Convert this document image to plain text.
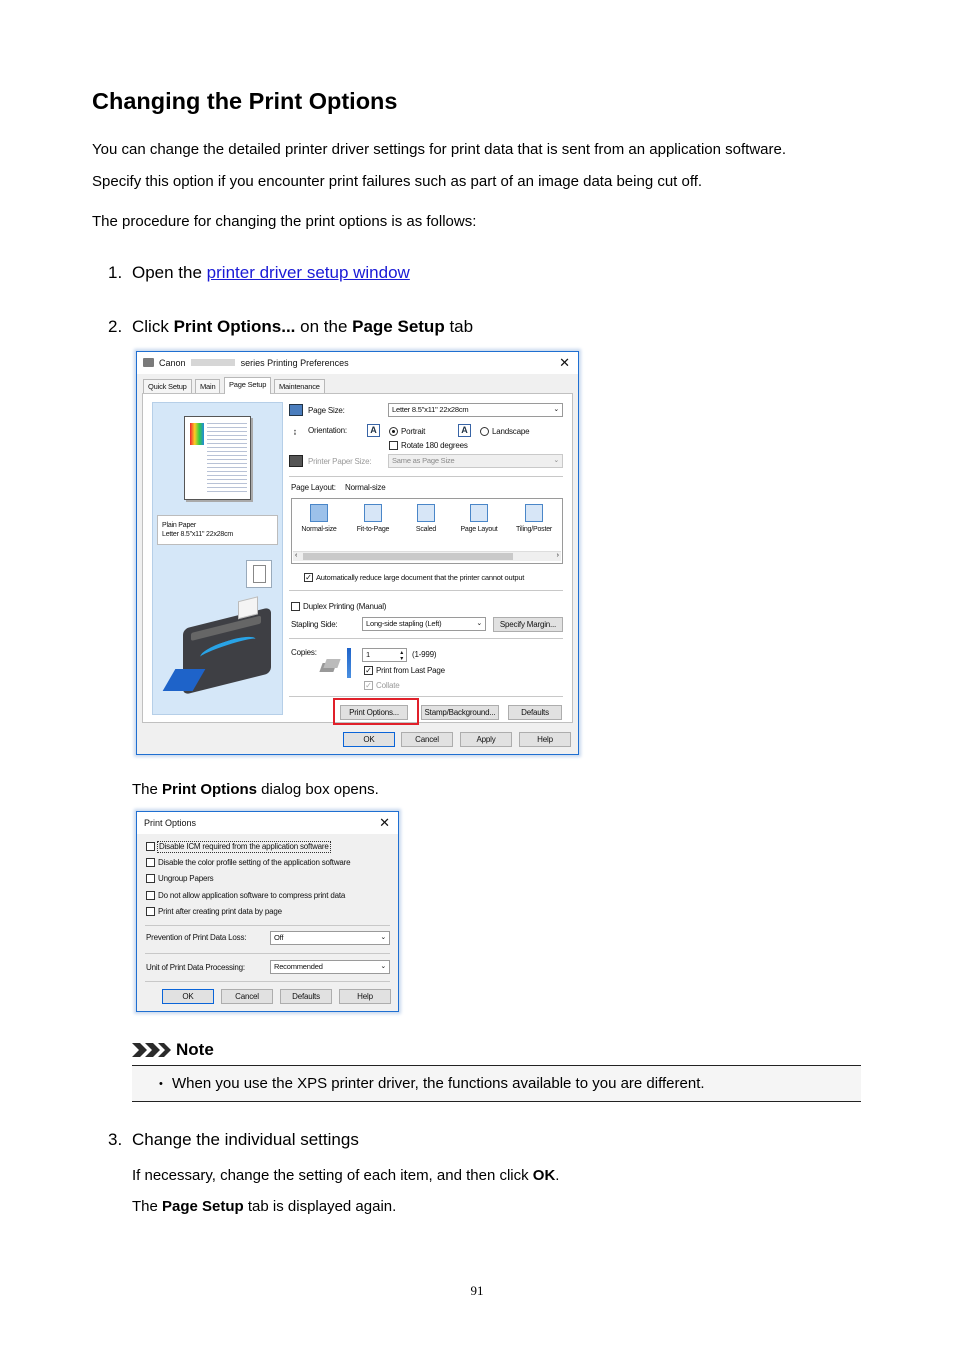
Changing the Print Options
You can change the detailed printer driver settings for print data that is sent from an application software.
Specify this option if you encounter print failures such as part of an image data being cut off.
The procedure for changing the print options is as follows:
1. Open the printer driver setup window
2. Click Print Options... on the Page Setup tab
Canon	series Printing Preferences	✕
Quick Setup	Main	Page Setup	Maintenance
Plain Paper
Letter 8.5"x11" 22x28cm
Page Size:	Letter 8.5"x11" 22x28cm	⌄
↨ Orientation:	A	Portrait	A	Landscape
Rotate 180 degrees
Printer Paper Size:	Same as Page Size	⌄
Page Layout: Normal-size
‹	›
Normal-size	Fit-to-Page	Scaled	Page Layout	Tiling/Poster
✓ Automatically reduce large document that the printer cannot output
Duplex Printing (Manual)
Stapling Side:	Long-side stapling (Left)	⌄	Specify Margin...
Copies:	1	▴
▾ (1-999)
✓ Print from Last Page
✓ Collate
Print Options...	Stamp/Background...	Defaults
OK	Cancel	Apply	Help
The Print Options dialog box opens.
Print Options	✕
Disable ICM required from the application software
Disable the color profile setting of the application software
Ungroup Papers
Do not allow application software to compress print data
Print after creating print data by page
Prevention of Print Data Loss:	Off	⌄
Unit of Print Data Processing:	Recommended	⌄
OK	Cancel	Defaults	Help
Note
• When you use the XPS printer driver, the functions available to you are different.
3. Change the individual settings
If necessary, change the setting of each item, and then click OK.
The Page Setup tab is displayed again.
91
